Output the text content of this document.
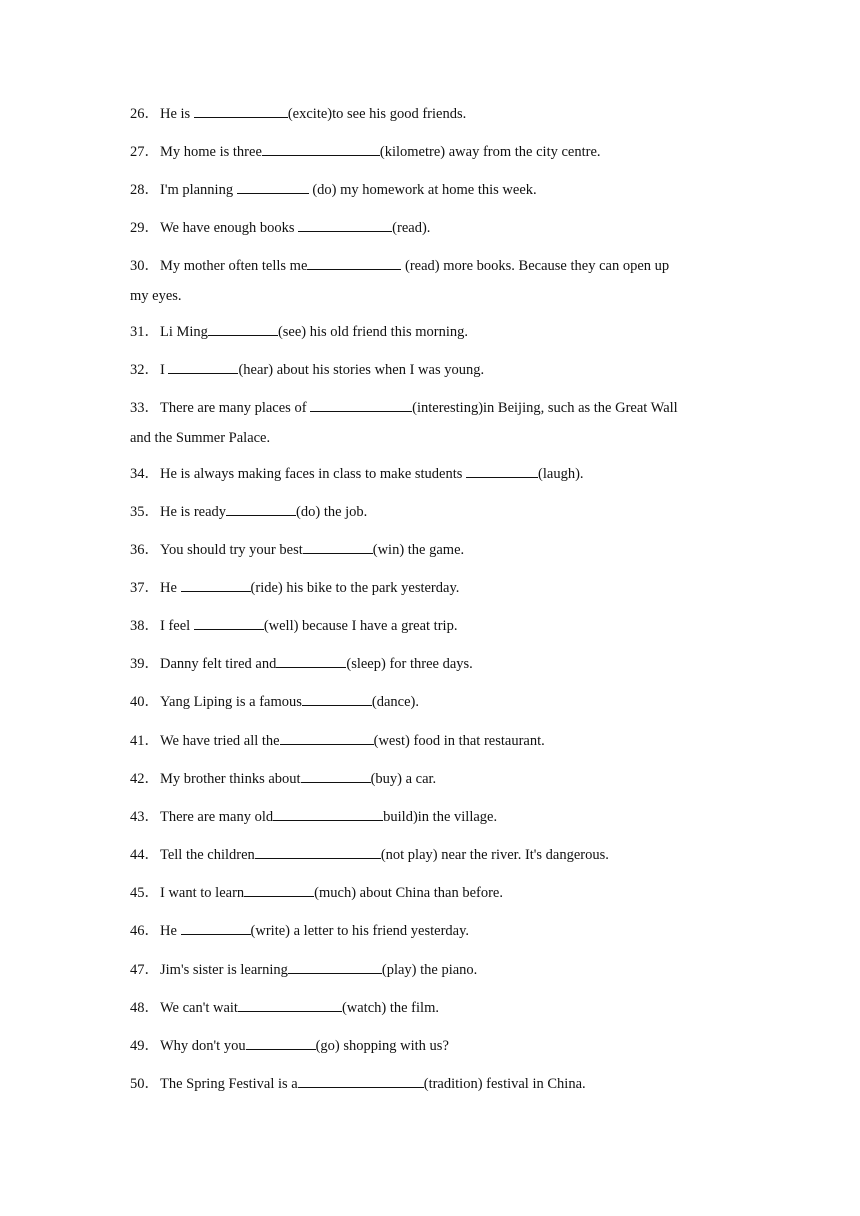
26．He is	(excite)to see his good friends.
27．My home is three	(kilometre) away from the city centre.
28．I'm planning	(do) my homework at home this week.
29．We have enough books	(read).
30．My mother often tells me	(read) more books. Because they can open up
my eyes.
31．Li Ming	(see) his old friend this morning.
32．I	(hear) about his stories when I was young.
33．There are many places of	(interesting)in Beijing, such as the Great Wall
and the Summer Palace.
34．He is always making faces in class to make students	(laugh).
35．He is ready	(do) the job.
36．You should try your best	(win) the game.
37．He	(ride) his bike to the park yesterday.
38．I feel	(well) because I have a great trip.
39．Danny felt tired and	(sleep) for three days.
40．Yang Liping is a famous	(dance).
41．We have tried all the	(west) food in that restaurant.
42．My brother thinks about	(buy) a car.
43．There are many old	build)in the village.
44．Tell the children	(not play) near the river. It's dangerous.
45．I want to learn	(much) about China than before.
46．He	(write) a letter to his friend yesterday.
47．Jim's sister is learning	(play) the piano.
48．We can't wait	(watch) the film.
49．Why don't you	(go) shopping with us?
50．The Spring Festival is a	(tradition) festival in China.
